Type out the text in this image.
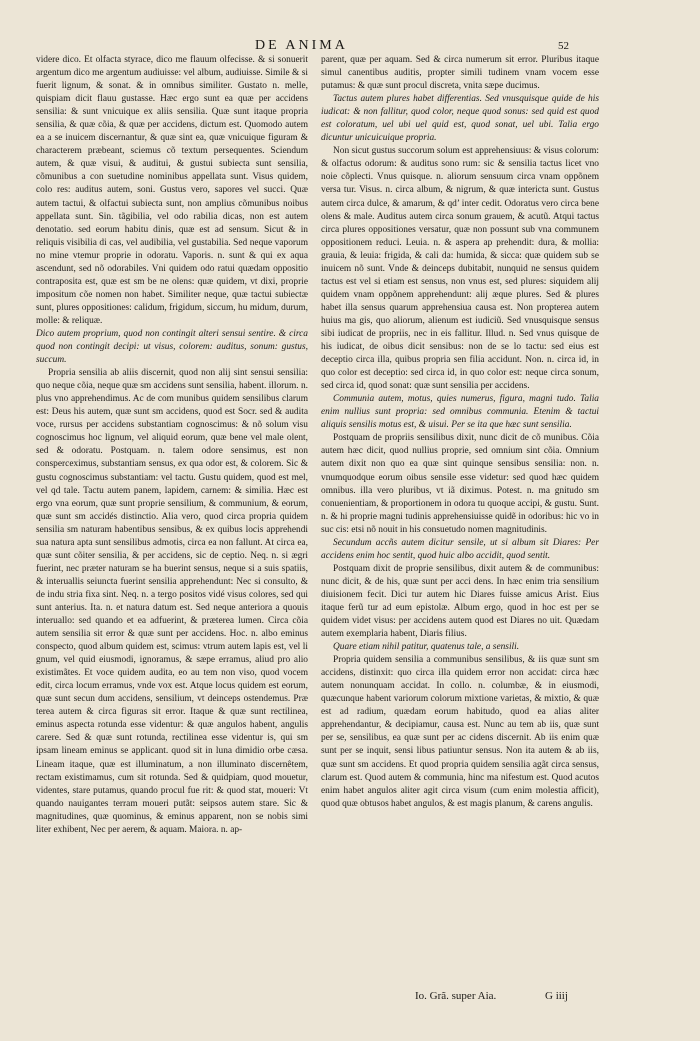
DE ANIMA	52

videre dico. Et olfacta styrace, dico me flauum olfecisse. & si sonuerit argentum dico me argentum audiuisse: vel album, audiuisse. Simile & si fuerit lignum, & sonat. & in omnibus similiter. Gustato n. melle, quispiam dicit flauu gustasse. Hæc ergo sunt ea quæ per accidens sensilia: & sunt vnicuique ex aliis sensilia. Quæ sunt itaque propria sensilia, & quæ cõia, & quæ per accidens, dictum est. Quomodo autem ea a se inuicem discernantur, & quæ sint ea, quæ vnicuique figuram & characterem præbeant, sciemus cõ textum persequentes. Sciendum autem, & quæ visui, & auditui, & gustui subiecta sunt sensilia, cõmunibus a con suetudine nominibus appellata sunt. Visus quidem, colo res: auditus autem, soni. Gustus vero, sapores vel succi. Quæ autem tactui, & olfactui subiecta sunt, non amplius cõmunibus noibus appellata sunt. Sin. tãgibilia, vel odo rabilia dicas, non est autem denotatio. sed eorum habitu dinis, quæ est ad sensum. Sicut & in reliquis visibilia di cas, vel audibilia, vel gustabilia. Sed neque vaporum no mine vtemur proprie in odoratu. Vaporis. n. sunt & qui ex aqua ascendunt, sed nõ odorabiles. Vni quidem odo ratui quædam oppositio contraposita est, quæ est sm be ne olens: quæ quidem, vt dixi, proprie impositum cõe nomen non habet. Similiter neque, quæ tactui subiectæ sunt, plures oppositiones: calidum, frigidum, siccum, hu midum, durum, molle: & reliquæ.

Dico autem proprium, quod non contingit alteri sensui sentire. & circa quod non contingit decipi: ut visus, colorem: auditus, sonum: gustus, succum.

Propria sensilia ab aliis discernit, quod non alij sint sensui sensilia: quo neque cõia, neque quæ sm accidens sunt sensilia, habent. illorum. n. plus vno apprehendimus. Ac de com munibus quidem sensilibus clarum est: Deus his autem, quæ sunt sm accidens, quod est Socr. sed & audita voce, rursus per accidens substantiam cognoscimus: & nõ solum visu cognoscimus hoc lignum, vel aliquid eorum, quæ bene vel male olent, sed & odoratu. Postquam. n. talem odore sensimus, est non consperceximus, substantiam sensus, ex qua odor est, & colorem. Sic & gustu cognoscimus substantiam: vel tactu. Gustu quidem, quod est mel, vel qd tale. Tactu autem panem, lapidem, carnem: & similia. Hæc est ergo vna eorum, quæ sunt proprie sensilium, & communium, & eorum, quæ sunt sm accidés distinctio. Alia vero, quod circa propria quidem sensilia sm naturam habentibus sensibus, & ex quibus locis apprehendi sua natura apta sunt sensilibus admotis, circa ea non fallunt. At circa ea, quæ sunt cõiter sensilia, & per accidens, sic de ceptio. Neq. n. si ægri fuerint, nec præter naturam se ha buerint sensus, neque si a suis spatiis, & interuallis seiuncta fuerint sensilia apprehendunt: Nec si consulto, & de indu stria fixa sint. Neq. n. a tergo positos vidé visus colores, sed qui sunt anterius. Ita. n. et natura datum est. Sed neque anteriora a quouis interuallo: sed quando et ea adfuerint, & præterea lumen. Circa cõia autem sensilia sit error & quæ sunt per accidens. Hoc. n. albo eminus conspecto, quod album quidem est, scimus: vtrum autem lapis est, vel li gnum, vel quid eiusmodi, ignoramus, & sæpe erramus, aliud pro alio existimãtes. Et voce quidem audita, eo au tem non viso, quod vocem edit, circa locum erramus, vnde vox est. Atque locus quidem est eorum, quæ sunt secun dum accidens, sensilium, vt deinceps ostendemus. Præ terea autem & circa figuras sit error. Itaque & quæ sunt rectilinea, eminus aspecta rotunda esse videntur: & quæ angulos habent, angulis carere. Sed & quæ sunt rotunda, rectilinea esse videntur is, qui sm ipsam lineam eminus se applicant. quod sit in luna dimidio orbe cæsa. Lineam itaque, quæ est illuminatum, a non illuminato discernêtem, rectam existimamus, cum sit rotunda. Sed & quidpiam, quod mouetur, videntes, stare putamus, quando procul fue rit: & quod stat, moueri: Vt quando nauigantes terram moueri putãt: seipsos autem stare. Sic & magnitudines, quæ quominus, & eminus apparent, non se nobis simi liter exhibent, Nec per aerem, & aquam. Maiora. n. ap-

parent, quæ per aquam. Sed & circa numerum sit error. Pluribus itaque simul canentibus auditis, propter simili tudinem vnam vocem esse putamus: & quæ sunt procul discreta, vnita sæpe ducimus.

Tactus autem plures habet differentias. Sed vnusquisque quide de his iudicat: & non fallitur, quod color, neque quod sonus: sed quid est quod est coloratum, uel ubi uel quid est, quod sonat, uel ubi. Talia ergo dicuntur unicuicuique propria.

Non sicut gustus succorum solum est apprehensiuus: & visus colorum: & olfactus odorum: & auditus sono rum: sic & sensilia tactus licet vno noie cõplecti. Vnus quisque. n. aliorum sensuum circa vnam oppõnem versa tur. Visus. n. circa album, & nigrum, & quæ intericta sunt. Gustus autem circa dulce, & amarum, & qd’ inter cedit. Odoratus vero circa bene olens & male. Auditus autem circa sonum grauem, & acutũ. Atqui tactus circa plures oppositiones versatur, quæ non possunt sub vna communem oppositionem reduci. Leuia. n. & aspera ap prehendit: dura, & mollia: grauia, & leuia: frigida, & cali da: humida, & sicca: quæ quidem sub se inuicem nõ sunt. Vnde & deinceps dubitabit, nunquid ne sensus quidem tactus est vel si etiam est sensus, non vnus est, sed plures: siquidem alij quidem vnam oppõnem apprehendunt: alij æque plures. Sed & plures habet illa sensus quarum apprehensiua causa est. Non propterea autem huius ma gis, quo aliorum, alienum est iudiciũ. Sed vnusquisque sensus sibi iudicat de propriis, nec in eis fallitur. Illud. n. Sed vnus quisque de his iudicat, de oibus dicit sensibus: non de se lo tactu: sed eius est deceptio circa illa, quibus propria sen filia accidunt. Non. n. circa id, in quo color est deceptio: sed circa id, in quo color est: neque circa sonum, sed circa id, quod sonat: quæ sunt sensilia per accidens.

Communia autem, motus, quies numerus, figura, magni tudo. Talia enim nullius sunt propria: sed omnibus communia. Etenim & tactui aliquis sensilis motus est, & uisui. Per se ita que hæc sunt sensilia.

Postquam de propriis sensilibus dixit, nunc dicit de cõ munibus. Cõia autem hæc dicit, quod nullius proprie, sed omnium sint cõia. Omnium autem dixit non quo ea quæ sint quinque sensibus sensilia: non. n. vnumquodque eorum oibus sensile esse videtur: sed quod hæc quidem omnibus. illa vero pluribus, vt iã diximus. Potest. n. ma gnitudo sm conuenientiam, & proportionem in odora tu quoque accipi, & gustu. Sunt. n. & hi proprie magni tudinis apprehensiuisse quidẽ in odoribus: hic vo in suc cis: etsi nõ nouit in his consuetudo nomen magnitudinis.

Secundum accñs autem dicitur sensile, ut si album sit Diares: Per accidens enim hoc sentit, quod huic albo accidit, quod sentit.

Postquam dixit de proprie sensilibus, dixit autem & de communibus: nunc dicit, & de his, quæ sunt per acci dens. In hæc enim tria sensilium diuisionem fecit. Dici tur autem hic Diares fuisse amicus Arist. Eius itaque ferũ tur ad eum epistolæ. Album ergo, quod in hoc est per se quidem videt visus: per accidens autem quod est Diares no uit. Quædam autem exemplaria habent, Diaris filius.

Quare etiam nihil patitur, quatenus tale, a sensili.

Propria quidem sensilia a communibus sensilibus, & iis quæ sunt sm accidens, distinxit: quo circa illa quidem error non accidat: circa hæc autem nonunquam accidat. In collo. n. columbæ, & in eiusmodi, quæcunque habent variorum colorum mixtione varietas, & mixtio, & quæ est ad radium, quædam eorum habitudo, quod ea alias aliter apprehendantur, & decipiamur, causa est. Nunc au tem ab iis, quæ sunt per se, sensilibus, ea quæ sunt per ac cidens discernit. Ab iis enim quæ sunt per se inquit, sensi libus patiuntur sensus. Non ita autem & ab iis, quæ sunt sm accidens. Et quod propria quidem sensilia agãt circa sensus, clarum est. Quod autem & communia, hinc ma nifestum est. Quod acutos enim habet angulos aliter agit circa visum (cum enim molestia afficit), quod quæ obtusos habet angulos, & est magis planum, & carens angulis.

Io. Grã. super Aia.	G iiij
